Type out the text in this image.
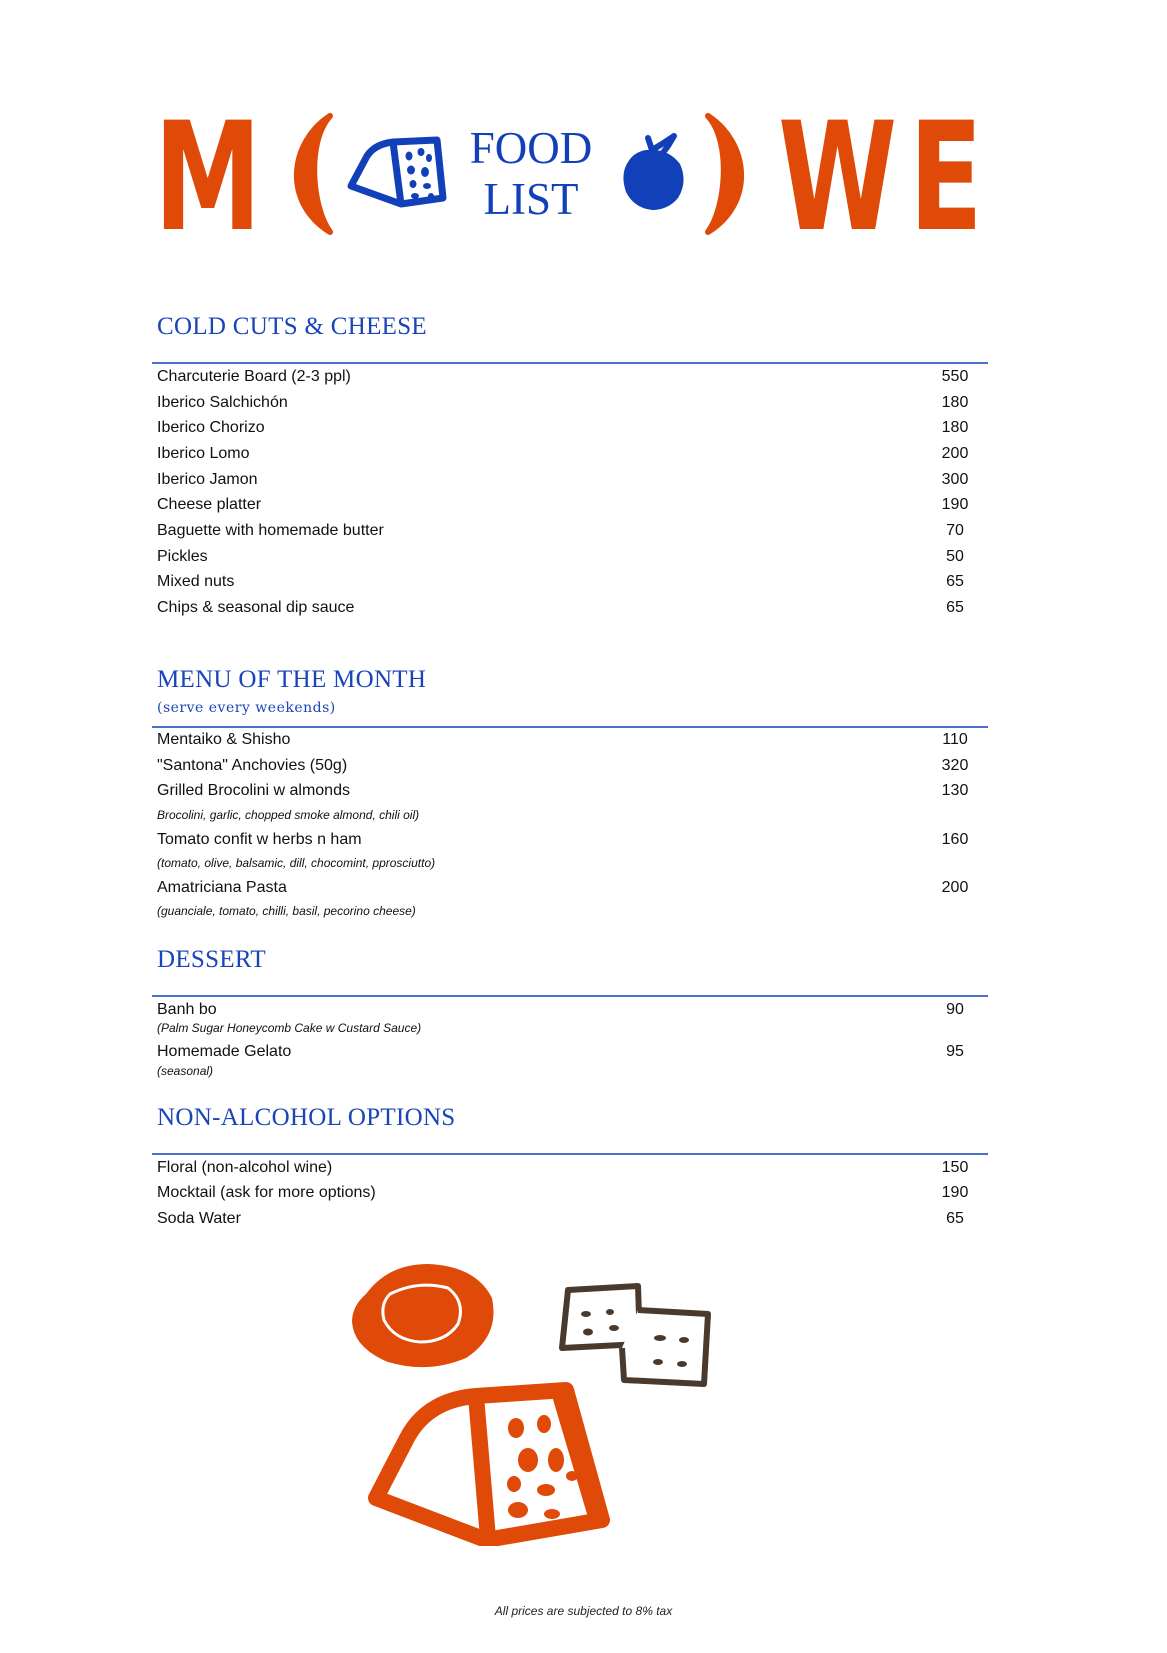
M	FOOD
LIST W E
COLD CUTS & CHEESE
Charcuterie Board (2-3 ppl)	550
Iberico Salchichón	180
Iberico Chorizo	180
Iberico Lomo	200
Iberico Jamon	300
Cheese platter	190
Baguette with homemade butter	70
Pickles	50
Mixed nuts	65
Chips & seasonal dip sauce	65
MENU OF THE MONTH
(serve every weekends)
Mentaiko & Shisho	110
"Santona" Anchovies (50g)	320
Grilled Brocolini w almonds	130
Brocolini, garlic, chopped smoke almond, chili oil)
Tomato confit w herbs n ham	160
(tomato, olive, balsamic, dill, chocomint, pprosciutto)
Amatriciana Pasta	200
(guanciale, tomato, chilli, basil, pecorino cheese)
DESSERT
Banh bo	90
(Palm Sugar Honeycomb Cake w Custard Sauce)
Homemade Gelato	95
(seasonal)
NON-ALCOHOL OPTIONS
Floral (non-alcohol wine)	150
Mocktail (ask for more options)	190
Soda Water	65
All prices are subjected to 8% tax
